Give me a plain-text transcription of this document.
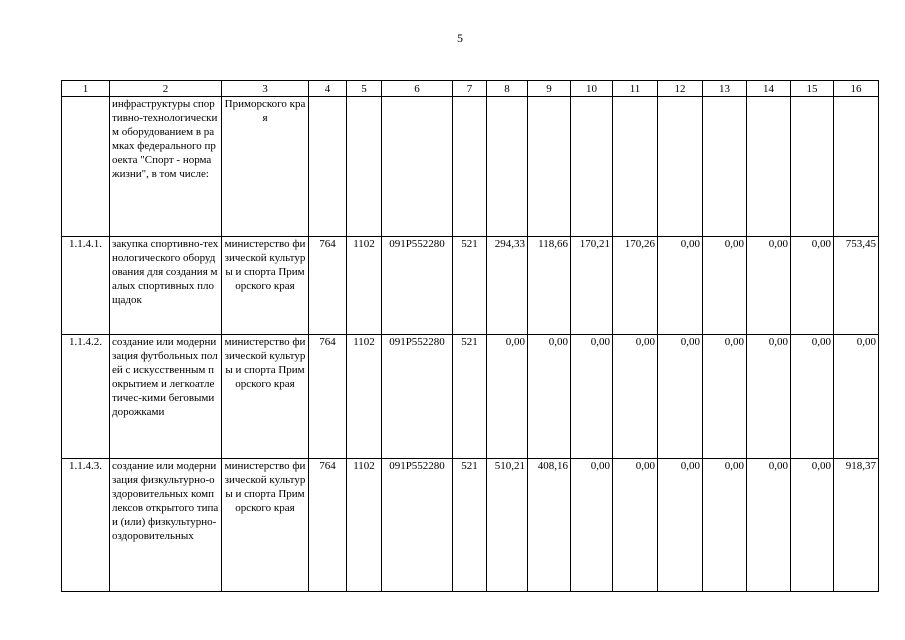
5
1	2	3	4	5	6	7	8	9	10	11	12	13	14	15	16

	инфраструктуры спортивно-технологическим оборудованием в рамках федерального проекта "Спорт - норма жизни", в том числе:	Приморского края													

1.1.4.1.	закупка спортивно-технологического оборудования для создания малых спортивных площадок	министерство физической культуры и спорта Приморского края	764	1102	091P552280	521	294,33	118,66	170,21	170,26	0,00	0,00	0,00	0,00	753,45

1.1.4.2.	создание или модернизация футбольных полей с искусственным покрытием и легкоатлетичес-кими беговыми дорожками	министерство физической культуры и спорта Приморского края	764	1102	091P552280	521	0,00	0,00	0,00	0,00	0,00	0,00	0,00	0,00	0,00

1.1.4.3.	создание или модернизация физкультурно-оздоровительных комплексов открытого типа и (или) физкультурно-оздоровительных	министерство физической культуры и спорта Приморского края	764	1102	091P552280	521	510,21	408,16	0,00	0,00	0,00	0,00	0,00	0,00	918,37
